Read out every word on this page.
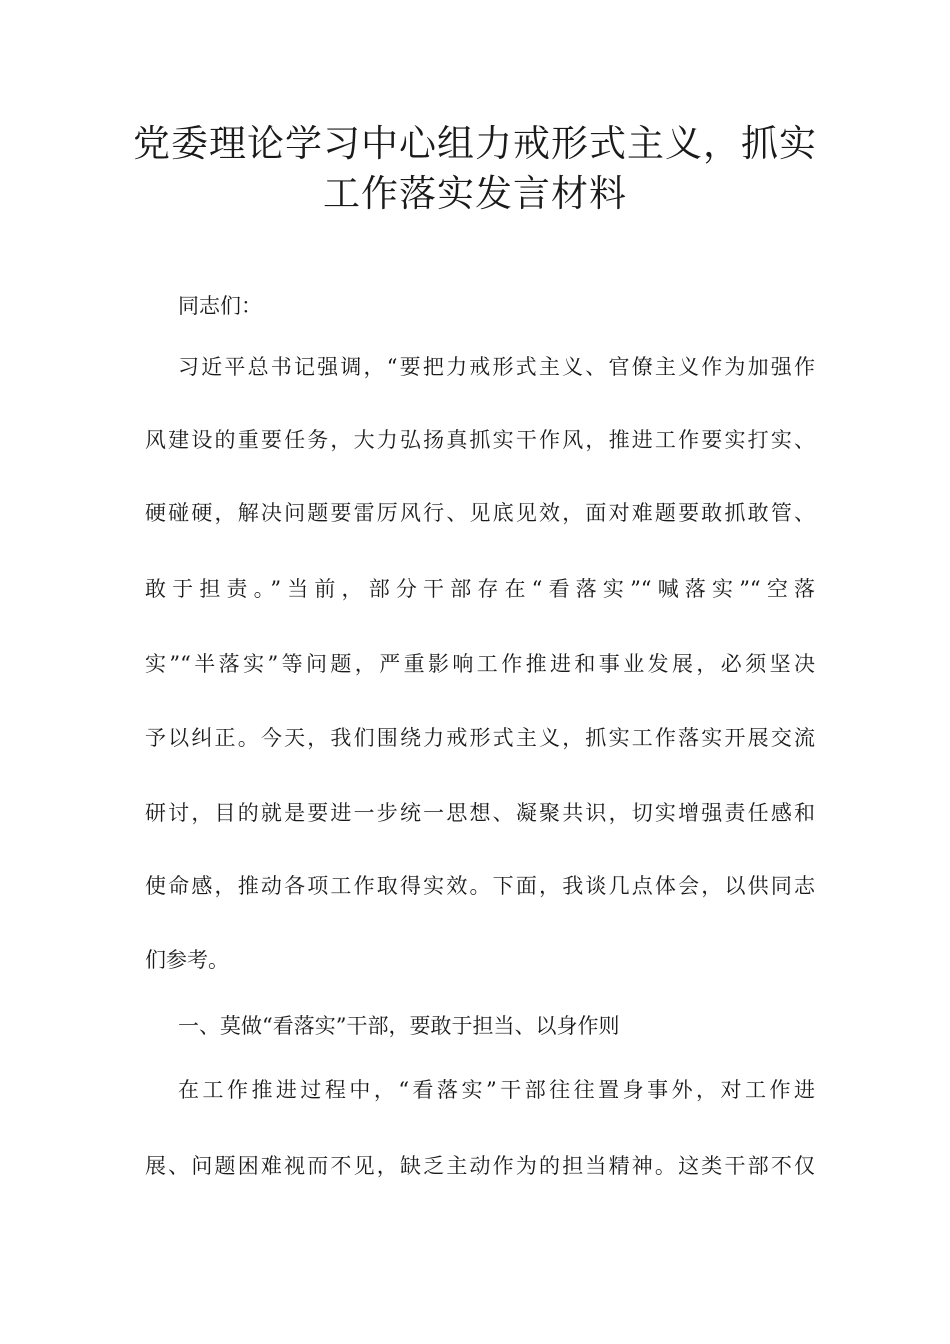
党委理论学习中心组力戒形式主义，抓实
工作落实发言材料

同志们：

习近平总书记强调，“要把力戒形式主义、官僚主义作为加强作

风建设的重要任务，大力弘扬真抓实干作风，推进工作要实打实、

硬碰硬，解决问题要雷厉风行、见底见效，面对难题要敢抓敢管、

敢于担责。”当前，部分干部存在“看落实”“喊落实”“空落

实”“半落实”等问题，严重影响工作推进和事业发展，必须坚决

予以纠正。今天，我们围绕力戒形式主义，抓实工作落实开展交流

研讨，目的就是要进一步统一思想、凝聚共识，切实增强责任感和

使命感，推动各项工作取得实效。下面，我谈几点体会，以供同志

们参考。

一、莫做“看落实”干部，要敢于担当、以身作则

在工作推进过程中，“看落实”干部往往置身事外，对工作进

展、问题困难视而不见，缺乏主动作为的担当精神。这类干部不仅
